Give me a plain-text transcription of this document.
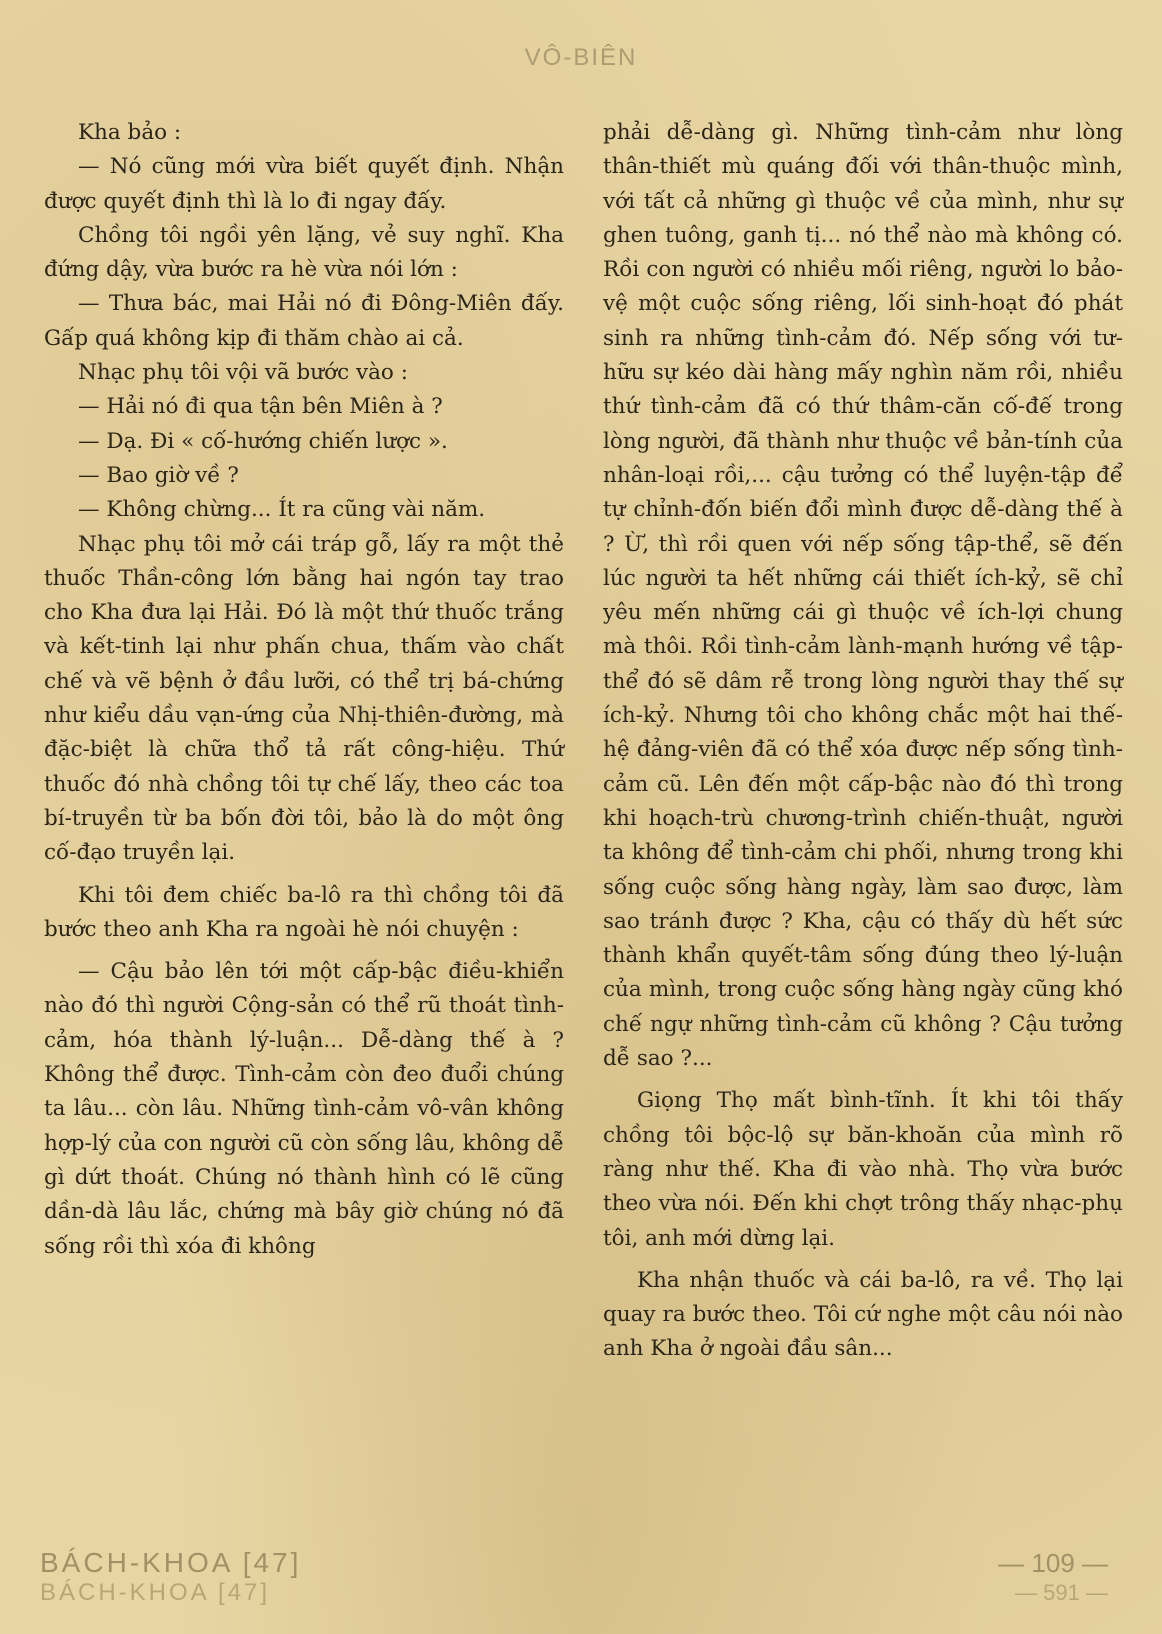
VÔ-BIÊN

Kha bảo :

— Nó cũng mới vừa biết quyết định. Nhận được quyết định thì là lo đi ngay đấy.

Chồng tôi ngồi yên lặng, vẻ suy nghĩ. Kha đứng dậy, vừa bước ra hè vừa nói lớn :

— Thưa bác, mai Hải nó đi Đông-Miên đấy. Gấp quá không kịp đi thăm chào ai cả.

Nhạc phụ tôi vội vã bước vào :

— Hải nó đi qua tận bên Miên à ?

— Dạ. Đi « cố-hướng chiến lược ».

— Bao giờ về ?

— Không chừng... Ít ra cũng vài năm.

Nhạc phụ tôi mở cái tráp gỗ, lấy ra một thẻ thuốc Thần-công lớn bằng hai ngón tay trao cho Kha đưa lại Hải. Đó là một thứ thuốc trắng và kết-tinh lại như phấn chua, thấm vào chất chế và vẽ bệnh ở đầu lưỡi, có thể trị bá-chứng như kiểu dầu vạn-ứng của Nhị-thiên-đường, mà đặc-biệt là chữa thổ tả rất công-hiệu. Thứ thuốc đó nhà chồng tôi tự chế lấy, theo các toa bí-truyền từ ba bốn đời tôi, bảo là do một ông cố-đạo truyền lại.

Khi tôi đem chiếc ba-lô ra thì chồng tôi đã bước theo anh Kha ra ngoài hè nói chuyện :

— Cậu bảo lên tới một cấp-bậc điều-khiển nào đó thì người Cộng-sản có thể rũ thoát tình-cảm, hóa thành lý-luận... Dễ-dàng thế à ? Không thể được. Tình-cảm còn đeo đuổi chúng ta lâu... còn lâu. Những tình-cảm vô-vân không hợp-lý của con người cũ còn sống lâu, không dễ gì dứt thoát. Chúng nó thành hình có lẽ cũng dần-dà lâu lắc, chứng mà bây giờ chúng nó đã sống rồi thì xóa đi không

phải dễ-dàng gì. Những tình-cảm như lòng thân-thiết mù quáng đối với thân-thuộc mình, với tất cả những gì thuộc về của mình, như sự ghen tuông, ganh tị... nó thể nào mà không có. Rồi con người có nhiều mối riêng, người lo bảo-vệ một cuộc sống riêng, lối sinh-hoạt đó phát sinh ra những tình-cảm đó. Nếp sống với tư-hữu sự kéo dài hàng mấy nghìn năm rồi, nhiều thứ tình-cảm đã có thứ thâm-căn cố-đế trong lòng người, đã thành như thuộc về bản-tính của nhân-loại rồi,... cậu tưởng có thể luyện-tập để tự chỉnh-đốn biến đổi mình được dễ-dàng thế à ? Ừ, thì rồi quen với nếp sống tập-thể, sẽ đến lúc người ta hết những cái thiết ích-kỷ, sẽ chỉ yêu mến những cái gì thuộc về ích-lợi chung mà thôi. Rồi tình-cảm lành-mạnh hướng về tập-thể đó sẽ dâm rễ trong lòng người thay thế sự ích-kỷ. Nhưng tôi cho không chắc một hai thế-hệ đảng-viên đã có thể xóa được nếp sống tình-cảm cũ. Lên đến một cấp-bậc nào đó thì trong khi hoạch-trù chương-trình chiến-thuật, người ta không để tình-cảm chi phối, nhưng trong khi sống cuộc sống hàng ngày, làm sao được, làm sao tránh được ? Kha, cậu có thấy dù hết sức thành khẩn quyết-tâm sống đúng theo lý-luận của mình, trong cuộc sống hàng ngày cũng khó chế ngự những tình-cảm cũ không ? Cậu tưởng dễ sao ?...

Giọng Thọ mất bình-tĩnh. Ít khi tôi thấy chồng tôi bộc-lộ sự băn-khoăn của mình rõ ràng như thế. Kha đi vào nhà. Thọ vừa bước theo vừa nói. Đến khi chợt trông thấy nhạc-phụ tôi, anh mới dừng lại.

Kha nhận thuốc và cái ba-lô, ra về. Thọ lại quay ra bước theo. Tôi cứ nghe một câu nói nào anh Kha ở ngoài đầu sân...

BÁCH-KHOA [47]
BÁCH-KHOA [47]
— 109 —
— 591 —
